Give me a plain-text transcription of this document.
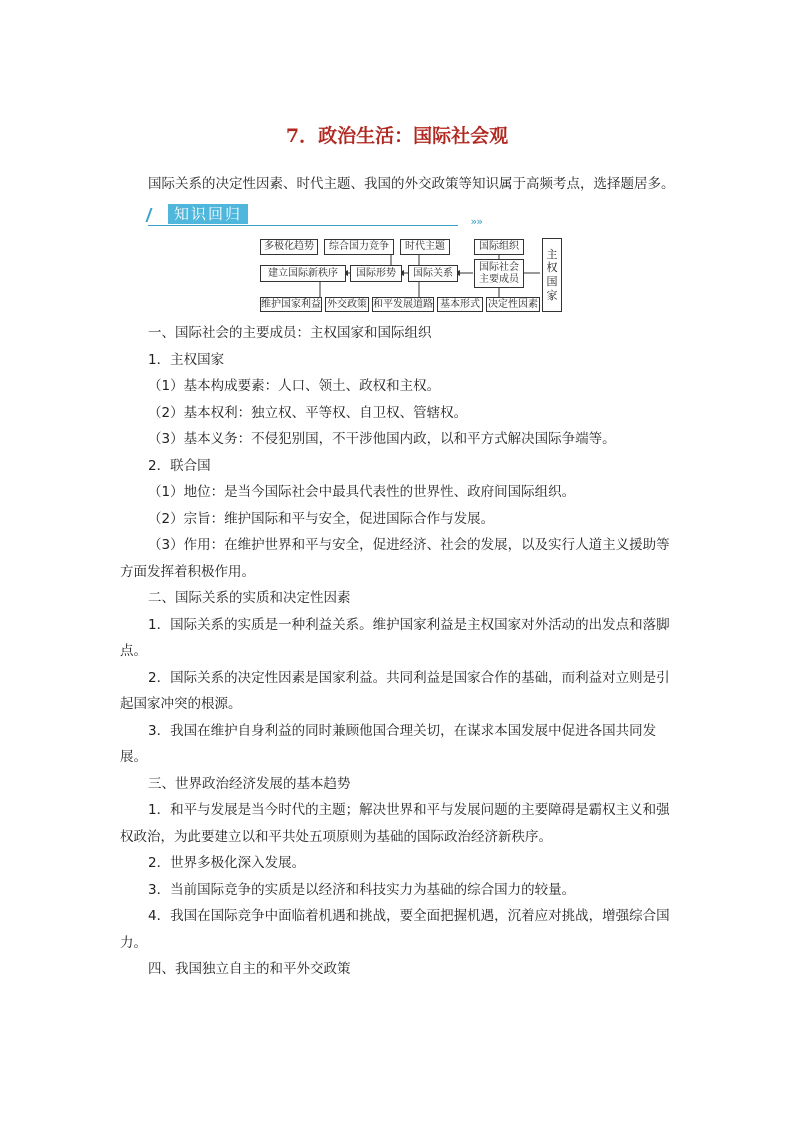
7．政治生活：国际社会观
国际关系的决定性因素、时代主题、我国的外交政策等知识属于高频考点，选择题居多。
知识回归	»»
多极化趋势	综合国力竞争	时代主题	国际组织
主权国家
建立国际新秩序	国际形势	国际关系
国际社会主要成员
维护国家利益 外交政策 和平发展道路 基本形式 决定性因素

一、国际社会的主要成员：主权国家和国际组织

1．主权国家

（1）基本构成要素：人口、领土、政权和主权。

（2）基本权利：独立权、平等权、自卫权、管辖权。

（3）基本义务：不侵犯别国，不干涉他国内政，以和平方式解决国际争端等。

2．联合国

（1）地位：是当今国际社会中最具代表性的世界性、政府间国际组织。

（2）宗旨：维护国际和平与安全，促进国际合作与发展。

（3）作用：在维护世界和平与安全，促进经济、社会的发展，以及实行人道主义援助等方面发挥着积极作用。

二、国际关系的实质和决定性因素

1．国际关系的实质是一种利益关系。维护国家利益是主权国家对外活动的出发点和落脚点。

2．国际关系的决定性因素是国家利益。共同利益是国家合作的基础，而利益对立则是引起国家冲突的根源。

3．我国在维护自身利益的同时兼顾他国合理关切，在谋求本国发展中促进各国共同发展。

三、世界政治经济发展的基本趋势

1．和平与发展是当今时代的主题；解决世界和平与发展问题的主要障碍是霸权主义和强权政治，为此要建立以和平共处五项原则为基础的国际政治经济新秩序。

2．世界多极化深入发展。

3．当前国际竞争的实质是以经济和科技实力为基础的综合国力的较量。

4．我国在国际竞争中面临着机遇和挑战，要全面把握机遇，沉着应对挑战，增强综合国力。

四、我国独立自主的和平外交政策
